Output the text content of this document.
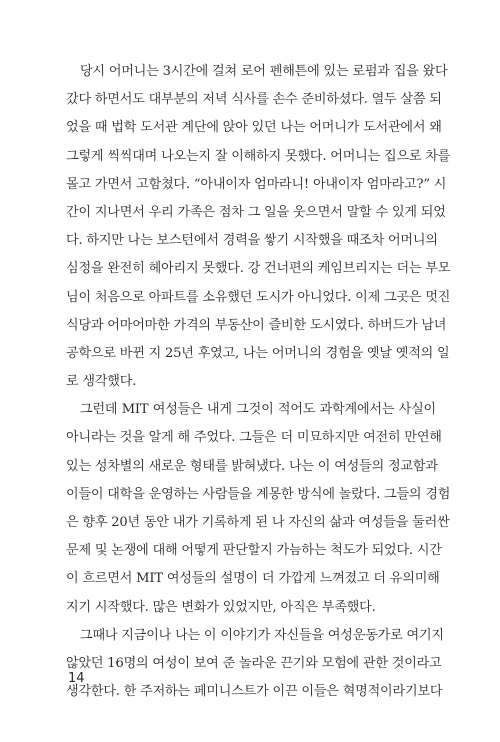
당시 어머니는 3시간에 걸쳐 로어 펜해튼에 있는 로펌과 집을 왔다
갔다 하면서도 대부분의 저녁 식사를 손수 준비하셨다. 열두 살쯤 되
었을 때 법학 도서관 계단에 앉아 있던 나는 어머니가 도서관에서 왜
그렇게 씩씩대며 나오는지 잘 이해하지 못했다. 어머니는 집으로 차를
몰고 가면서 고함쳤다. “아내이자 엄마라니! 아내이자 엄마라고?” 시
간이 지나면서 우리 가족은 점차 그 일을 웃으면서 말할 수 있게 되었
다. 하지만 나는 보스턴에서 경력을 쌓기 시작했을 때조차 어머니의
심정을 완전히 헤아리지 못했다. 강 건너편의 케임브리지는 더는 부모
님이 처음으로 아파트를 소유했던 도시가 아니었다. 이제 그곳은 멋진
식당과 어마어마한 가격의 부동산이 즐비한 도시였다. 하버드가 남녀
공학으로 바뀐 지 25년 후였고, 나는 어머니의 경험을 옛날 옛적의 일
로 생각했다.
그런데 MIT 여성들은 내게 그것이 적어도 과학계에서는 사실이
아니라는 것을 알게 해 주었다. 그들은 더 미묘하지만 여전히 만연해
있는 성차별의 새로운 형태를 밝혀냈다. 나는 이 여성들의 정교함과
이들이 대학을 운영하는 사람들을 계몽한 방식에 놀랐다. 그들의 경험
은 향후 20년 동안 내가 기록하게 된 나 자신의 삶과 여성들을 둘러싼
문제 및 논쟁에 대해 어떻게 판단할지 가늠하는 척도가 되었다. 시간
이 흐르면서 MIT 여성들의 설명이 더 가깝게 느껴졌고 더 유의미해
지기 시작했다. 많은 변화가 있었지만, 아직은 부족했다.
그때나 지금이나 나는 이 이야기가 자신들을 여성운동가로 여기지
않았던 16명의 여성이 보여 준 놀라운 끈기와 모험에 관한 것이라고
생각한다. 한 주저하는 페미니스트가 이끈 이들은 혁명적이라기보다
14
